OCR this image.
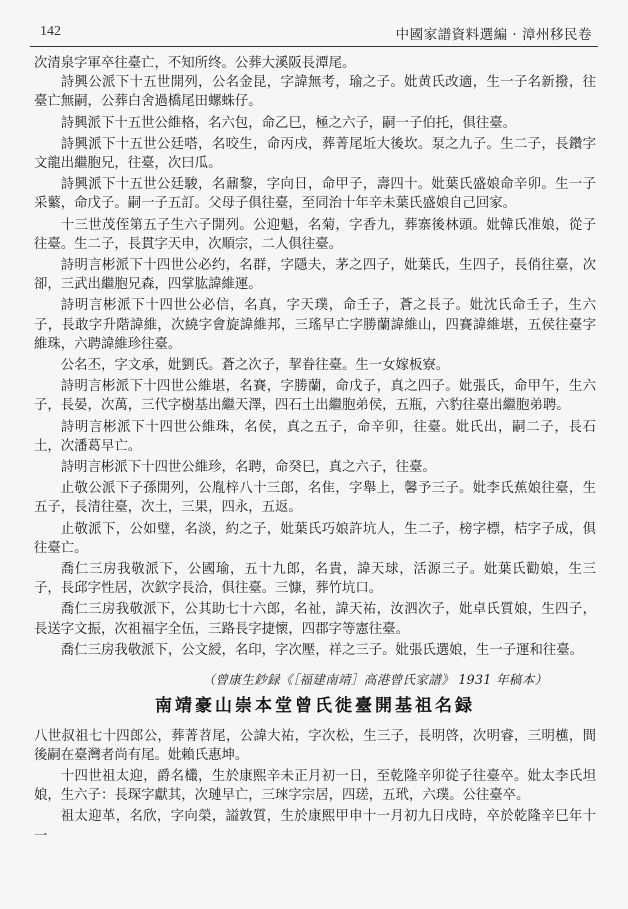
142	中國家譜資料選編 · 漳州移民卷

次清泉字軍卒往臺亡，不知所终。公葬大溪阪長潭尾。

詩興公派下十五世開列，公名金昆，字諱無考，瑜之子。妣黄氏改適，生一子名新撥，往臺亡無嗣，公葬白舍過橋尾田螺蛛仔。

詩興派下十五世公維格，名六包，命乙巳，極之六子，嗣一子伯托，俱往臺。

詩興派下十五世公廷嗒，名咬生，命丙戌，葬菁尾坵大後坎。泵之九子。生二子，長鑽字文龍出繼胞兄，往臺，次曰瓜。

詩興派下十五世公廷駿，名鼐黎，字向日，命甲子，壽四十。妣葉氏盛娘命辛卯。生一子采蘩，命戊子。嗣一子五訂。父母子俱往臺，至同治十年辛未葉氏盛娘自己回家。

十三世茂侄第五子生六子開列。公迎魁，名菊，字香九，葬寨後林頭。妣韓氏准娘，從子往臺。生二子，長貫字天申，次順宗，二人俱往臺。

詩明言彬派下十四世公必约，名群，字隱夫，茅之四子，妣葉氏，生四子，長俏往臺，次卻，三武出繼胞兄森，四掌肱諱維運。

詩明言彬派下十四世公必信，名真，字天璞，命壬子，蒼之長子。妣沈氏命壬子，生六子，長敢字升階諱維，次繞字會旋諱維邦，三瑤早亡字勝蘭諱維山，四賽諱維堪，五侯往臺字維珠，六聘諱維珍往臺。

公名丕，字文承，妣劉氏。蒼之次子，挈眷往臺。生一女嫁板寮。

詩明言彬派下十四世公維堪，名賽，字勝蘭，命戊子，真之四子。妣張氏，命甲午，生六子，長晏，次萬，三代字樹基出繼天澤，四石土出繼胞弟侯，五瓶，六豹往臺出繼胞弟聘。

詩明言彬派下十四世公維珠，名侯，真之五子，命辛卯，往臺。妣氏出，嗣二子，長石土，次潘葛早亡。

詩明言彬派下十四世公維珍，名聘，命癸巳，真之六子，往臺。

止敬公派下子孫開列，公胤梓八十三郎，名隹，字舉上，馨予三子。妣李氏蕉娘往臺，生五子，長清往臺，次土，三果，四永，五返。

止敬派下，公如璧，名淡，約之子，妣葉氏巧娘許坑人，生二子，榜字標，桔字子成，俱往臺亡。

喬仁三房我敬派下，公國瑜，五十九郎，名貴，諱天球，活源三子。妣葉氏勸娘，生三子，長邱字性居，次欽字長洽，俱往臺。三慷，葬竹坑口。

喬仁三房我敬派下，公其助七十六郎，名祉，諱天祐，汝泗次子，妣卓氏質娘，生四子，長送字文振，次祖福字全伍，三路長字捷懷，四郡字等憲往臺。

喬仁三房我敬派下，公文綬，名印，字次壓，祥之三子。妣張氏選娘，生一子運和往臺。

（曾康生鈔録《［福建南靖］高港曾氏家譜》 1931 年稿本）

南靖豪山崇本堂曾氏徙臺開基祖名録

八世叔祖七十四郎公，葬菁苕尾，公諱大祐，字次松，生三子，長明啓，次明睿，三明櫵，間後嗣在臺灣者尚有尾。妣賴氏惠坤。

十四世祖太迎，爵名欉，生於康熙辛未正月初一日，至乾隆辛卯從子往臺卒。妣太李氏坦娘，生六子：長琛字獻其，次璉早亡，三琜字宗居，四瑳，五玳，六璞。公往臺卒。

祖太迎革，名欣，字向榮，謚敦質，生於康熙甲申十一月初九日戌時，卒於乾隆辛巳年十一
